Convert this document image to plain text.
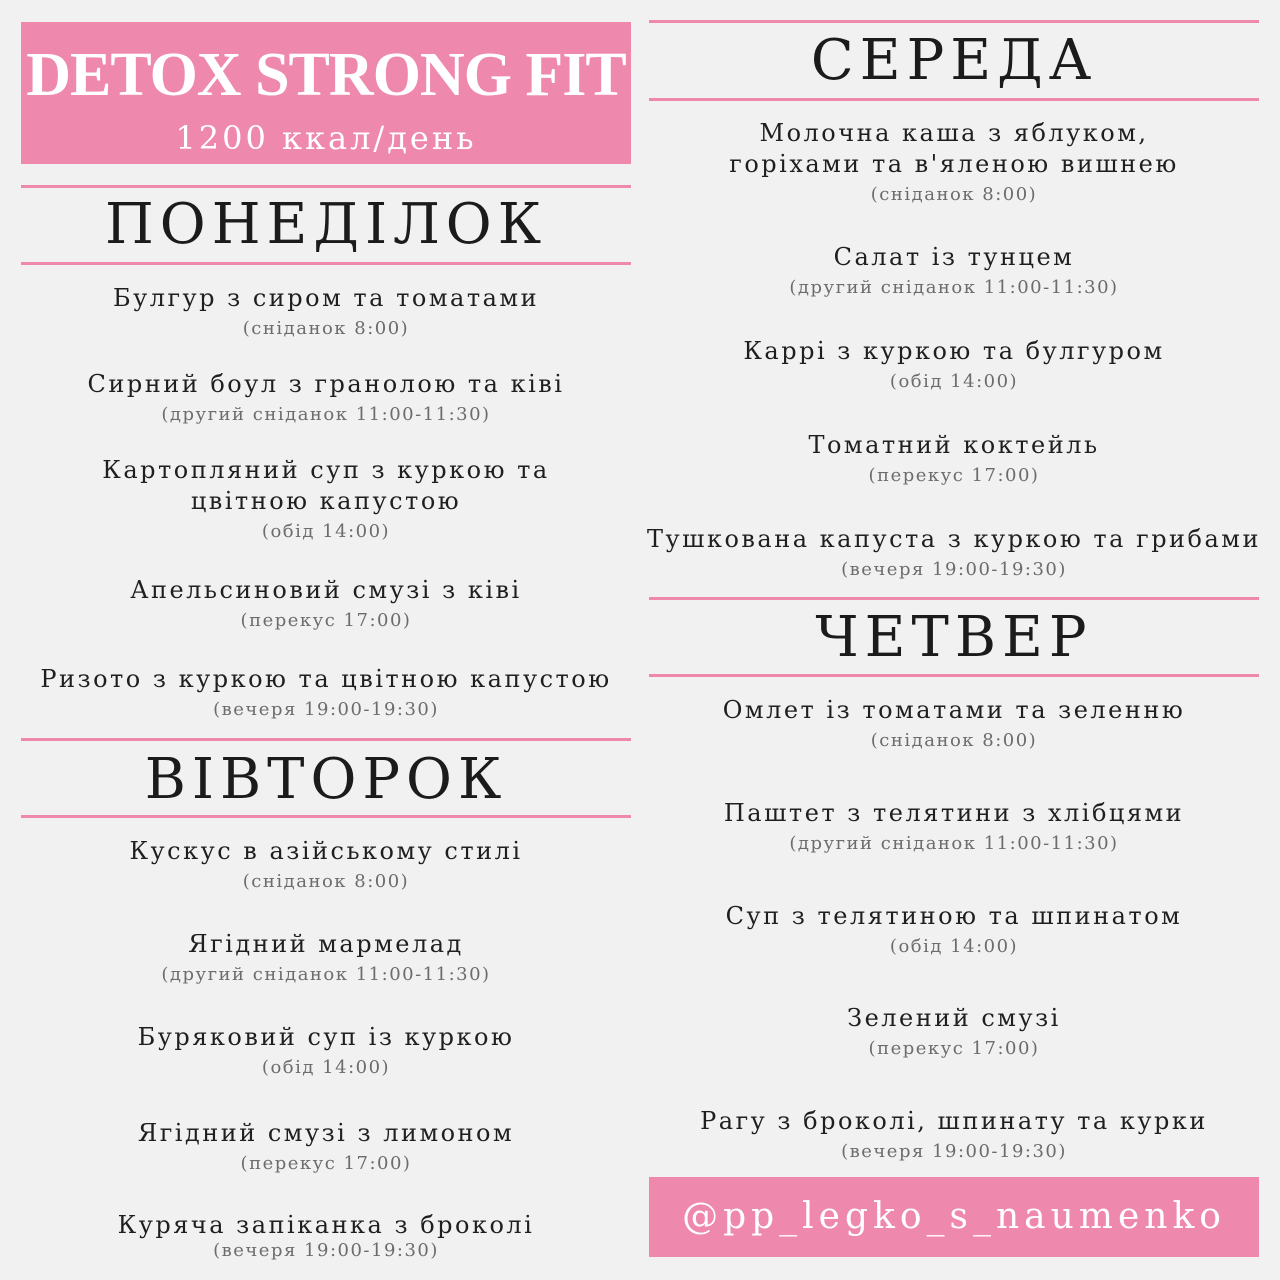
DETOX STRONG FIT
1200 ккал/день
ПОНЕДІЛОК
Булгур з сиром та томатами
(сніданок 8:00)
Сирний боул з гранолою та ківі
(другий сніданок 11:00-11:30)
Картопляний суп з куркою та цвітною капустою
(обід 14:00)
Апельсиновий смузі з ківі
(перекус 17:00)
Ризото з куркою та цвітною капустою
(вечеря 19:00-19:30)
ВІВТОРОК
Кускус в азійському стилі
(сніданок 8:00)
Ягідний мармелад
(другий сніданок 11:00-11:30)
Буряковий суп із куркою
(обід 14:00)
Ягідний смузі з лимоном
(перекус 17:00)
Куряча запіканка з броколі
(вечеря 19:00-19:30)
СЕРЕДА
Молочна каша з яблуком, горіхами та в'яленою вишнею
(сніданок 8:00)
Салат із тунцем
(другий сніданок 11:00-11:30)
Каррі з куркою та булгуром
(обід 14:00)
Томатний коктейль
(перекус 17:00)
Тушкована капуста з куркою та грибами
(вечеря 19:00-19:30)
ЧЕТВЕР
Омлет із томатами та зеленню
(сніданок 8:00)
Паштет з телятини з хлібцями
(другий сніданок 11:00-11:30)
Суп з телятиною та шпинатом
(обід 14:00)
Зелений смузі
(перекус 17:00)
Рагу з броколі, шпинату та курки
(вечеря 19:00-19:30)
@pp_legko_s_naumenko
